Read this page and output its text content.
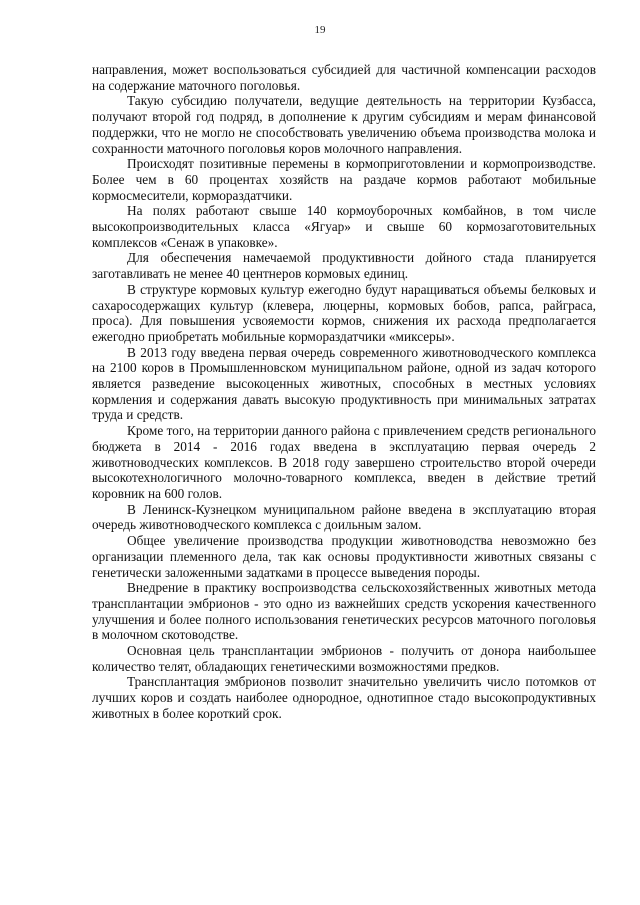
19

направления, может воспользоваться субсидией для частичной компенсации расходов на содержание маточного поголовья.

Такую субсидию получатели, ведущие деятельность на территории Кузбасса, получают второй год подряд, в дополнение к другим субсидиям и мерам финансовой поддержки, что не могло не способствовать увеличению объема производства молока и сохранности маточного поголовья коров молочного направления.

Происходят позитивные перемены в кормоприготовлении и кормопроизводстве. Более чем в 60 процентах хозяйств на раздаче кормов работают мобильные кормосмесители, кормораздатчики.

На полях работают свыше 140 кормоуборочных комбайнов, в том числе высокопроизводительных класса «Ягуар» и свыше 60 кормозаготовительных комплексов «Сенаж в упаковке».

Для обеспечения намечаемой продуктивности дойного стада планируется заготавливать не менее 40 центнеров кормовых единиц.

В структуре кормовых культур ежегодно будут наращиваться объемы белковых и сахаросодержащих культур (клевера, люцерны, кормовых бобов, рапса, райграса, проса). Для повышения усвояемости кормов, снижения их расхода предполагается ежегодно приобретать мобильные кормораздатчики «миксеры».

В 2013 году введена первая очередь современного животноводческого комплекса на 2100 коров в Промышленновском муниципальном районе, одной из задач которого является разведение высокоценных животных, способных в местных условиях кормления и содержания давать высокую продуктивность при минимальных затратах труда и средств.

Кроме того, на территории данного района с привлечением средств регионального бюджета в 2014 - 2016 годах введена в эксплуатацию первая очередь 2 животноводческих комплексов. В 2018 году завершено строительство второй очереди высокотехнологичного молочно-товарного комплекса, введен в действие третий коровник на 600 голов.

В Ленинск-Кузнецком муниципальном районе введена в эксплуатацию вторая очередь животноводческого комплекса с доильным залом.

Общее увеличение производства продукции животноводства невозможно без организации племенного дела, так как основы продуктивности животных связаны с генетически заложенными задатками в процессе выведения породы.

Внедрение в практику воспроизводства сельскохозяйственных животных метода трансплантации эмбрионов - это одно из важнейших средств ускорения качественного улучшения и более полного использования генетических ресурсов маточного поголовья в молочном скотоводстве.

Основная цель трансплантации эмбрионов - получить от донора наибольшее количество телят, обладающих генетическими возможностями предков.

Трансплантация эмбрионов позволит значительно увеличить число потомков от лучших коров и создать наиболее однородное, однотипное стадо высокопродуктивных животных в более короткий срок.
